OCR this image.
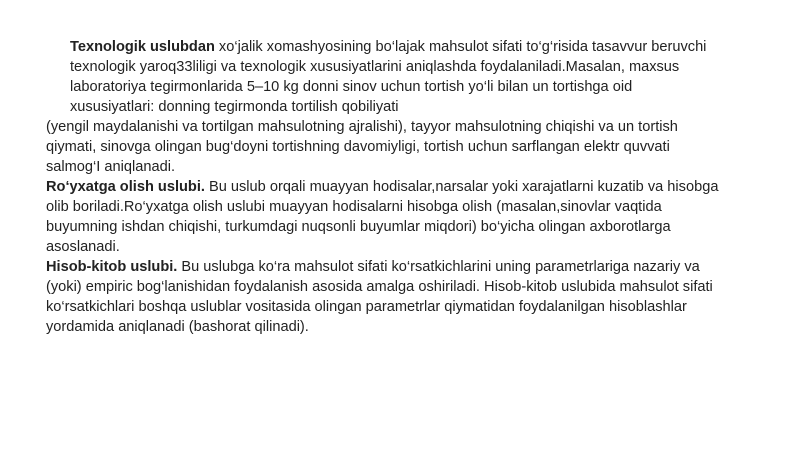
Texnologik uslubdan xo‘jalik xomashyosining bo‘lajak mahsulot sifati to‘g‘risida tasavvur beruvchi
texnologik yaroq33liligi va texnologik xususiyatlarini aniqlashda foydalaniladi.Masalan, maxsus
laboratoriya tegirmonlarida 5–10 kg donni sinov uchun tortish yo‘li bilan un tortishga oid
xususiyatlari: donning tegirmonda tortilish qobiliyati
(yengil maydalanishi va tortilgan mahsulotning ajralishi), tayyor mahsulotning chiqishi va un tortish
qiymati, sinovga olingan bug‘doyni tortishning davomiyligi, tortish uchun sarflangan elektr quvvati
salmog‘I aniqlanadi.
Ro‘yxatga olish uslubi. Bu uslub orqali muayyan hodisalar,narsalar yoki xarajatlarni kuzatib va hisobga
olib boriladi.Ro‘yxatga olish uslubi muayyan hodisalarni hisobga olish (masalan,sinovlar vaqtida
buyumning ishdan chiqishi, turkumdagi nuqsonli buyumlar miqdori) bo‘yicha olingan axborotlarga
asoslanadi.
Hisob-kitob uslubi. Bu uslubga ko‘ra mahsulot sifati ko‘rsatkichlarini uning parametrlariga nazariy va
(yoki) empiric bog‘lanishidan foydalanish asosida amalga oshiriladi. Hisob-kitob uslubida mahsulot sifati
ko‘rsatkichlari boshqa uslublar vositasida olingan parametrlar qiymatidan foydalanilgan hisoblashlar
yordamida aniqlanadi (bashorat qilinadi).
